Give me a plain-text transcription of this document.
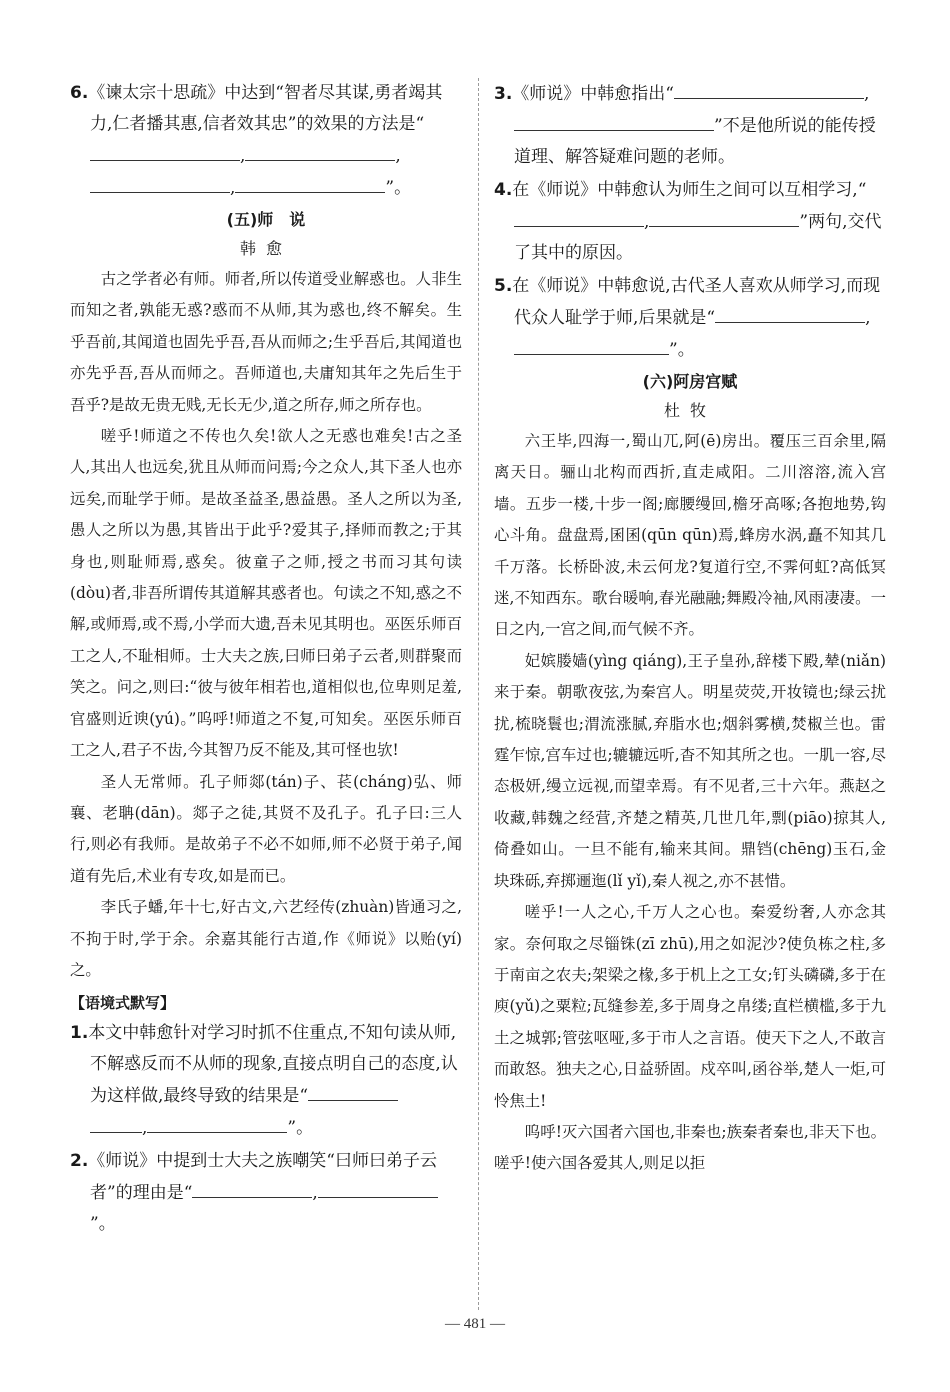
6.《谏太宗十思疏》中达到“智者尽其谋,勇者竭其力,仁者播其惠,信者效其忠”的效果的方法是“,	,
,	”。

(五)师　说
韩愈

古之学者必有师。师者,所以传道受业解惑也。人非生而知之者,孰能无惑?惑而不从师,其为惑也,终不解矣。生乎吾前,其闻道也固先乎吾,吾从而师之;生乎吾后,其闻道也亦先乎吾,吾从而师之。吾师道也,夫庸知其年之先后生于吾乎?是故无贵无贱,无长无少,道之所存,师之所存也。

嗟乎!师道之不传也久矣!欲人之无惑也难矣!古之圣人,其出人也远矣,犹且从师而问焉;今之众人,其下圣人也亦远矣,而耻学于师。是故圣益圣,愚益愚。圣人之所以为圣,愚人之所以为愚,其皆出于此乎?爱其子,择师而教之;于其身也,则耻师焉,惑矣。彼童子之师,授之书而习其句读(dòu)者,非吾所谓传其道解其惑者也。句读之不知,惑之不解,或师焉,或不焉,小学而大遗,吾未见其明也。巫医乐师百工之人,不耻相师。士大夫之族,曰师曰弟子云者,则群聚而笑之。问之,则曰:“彼与彼年相若也,道相似也,位卑则足羞,官盛则近谀(yú)。”呜呼!师道之不复,可知矣。巫医乐师百工之人,君子不齿,今其智乃反不能及,其可怪也欤!

圣人无常师。孔子师郯(tán)子、苌(cháng)弘、师襄、老聃(dān)。郯子之徒,其贤不及孔子。孔子曰:三人行,则必有我师。是故弟子不必不如师,师不必贤于弟子,闻道有先后,术业有专攻,如是而已。

李氏子蟠,年十七,好古文,六艺经传(zhuàn)皆通习之,不拘于时,学于余。余嘉其能行古道,作《师说》以贻(yí)之。

【语境式默写】

1.本文中韩愈针对学习时抓不住重点,不知句读从师,不解惑反而不从师的现象,直接点明自己的态度,认为这样做,最终导致的结果是“
,	”。

2.《师说》中提到士大夫之族嘲笑“曰师曰弟子云者”的理由是“	,”。

3.《师说》中韩愈指出“	,
”不是他所说的能传授道理、解答疑难问题的老师。

4.在《师说》中韩愈认为师生之间可以互相学习,“,	”两句,交代了其中的原因。

5.在《师说》中韩愈说,古代圣人喜欢从师学习,而现代众人耻学于师,后果就是“	,
”。

(六)阿房宫赋
杜牧

六王毕,四海一,蜀山兀,阿(ē)房出。覆压三百余里,隔离天日。骊山北构而西折,直走咸阳。二川溶溶,流入宫墙。五步一楼,十步一阁;廊腰缦回,檐牙高啄;各抱地势,钩心斗角。盘盘焉,囷囷(qūn qūn)焉,蜂房水涡,矗不知其几千万落。长桥卧波,未云何龙?复道行空,不霁何虹?高低冥迷,不知西东。歌台暖响,春光融融;舞殿冷袖,风雨凄凄。一日之内,一宫之间,而气候不齐。

妃嫔媵嫱(yìng qiáng),王子皇孙,辞楼下殿,辇(niǎn)来于秦。朝歌夜弦,为秦宫人。明星荧荧,开妆镜也;绿云扰扰,梳晓鬟也;渭流涨腻,弃脂水也;烟斜雾横,焚椒兰也。雷霆乍惊,宫车过也;辘辘远听,杳不知其所之也。一肌一容,尽态极妍,缦立远视,而望幸焉。有不见者,三十六年。燕赵之收藏,韩魏之经营,齐楚之精英,几世几年,剽(piāo)掠其人,倚叠如山。一旦不能有,输来其间。鼎铛(chēng)玉石,金块珠砾,弃掷逦迤(lǐ yǐ),秦人视之,亦不甚惜。

嗟乎!一人之心,千万人之心也。秦爱纷奢,人亦念其家。奈何取之尽锱铢(zī zhū),用之如泥沙?使负栋之柱,多于南亩之农夫;架梁之椽,多于机上之工女;钉头磷磷,多于在庾(yǔ)之粟粒;瓦缝参差,多于周身之帛缕;直栏横槛,多于九土之城郭;管弦呕哑,多于市人之言语。使天下之人,不敢言而敢怒。独夫之心,日益骄固。戍卒叫,函谷举,楚人一炬,可怜焦土!

呜呼!灭六国者六国也,非秦也;族秦者秦也,非天下也。嗟乎!使六国各爱其人,则足以拒

— 481 —
